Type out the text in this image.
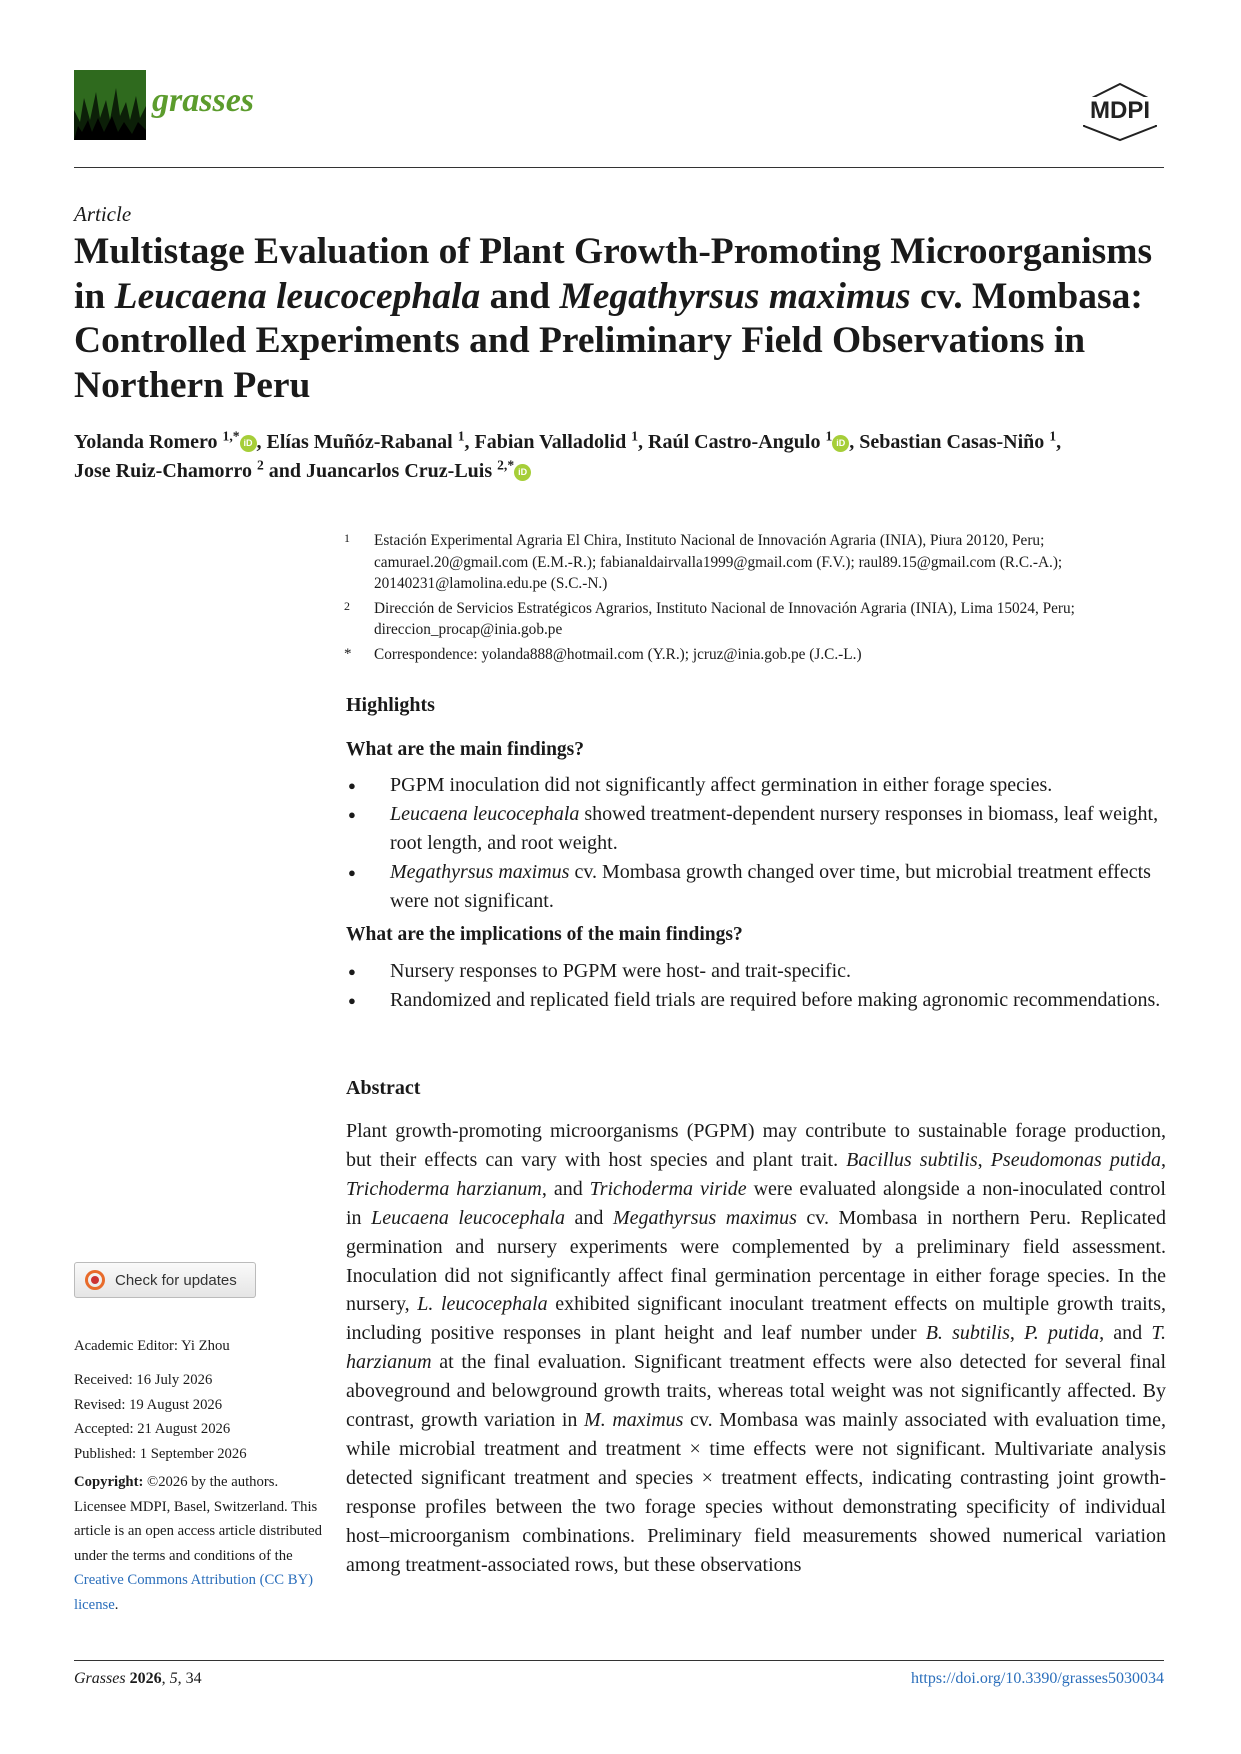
grasses	MDPI
Article
Multistage Evaluation of Plant Growth-Promoting Microorganisms in Leucaena leucocephala and Megathyrsus maximus cv. Mombasa: Controlled Experiments and Preliminary Field Observations in Northern Peru
Yolanda Romero $^{1,*}$ iD , Elías Muñóz-Rabanal $^1$, Fabian Valladolid $^1$, Raúl Castro-Angulo $^1$ iD , Sebastian Casas-Niño $^1$,
Jose Ruiz-Chamorro $^2$ and Juancarlos Cruz-Luis $^{2,*}$ iD
1 Estación Experimental Agraria El Chira, Instituto Nacional de Innovación Agraria (INIA), Piura 20120, Peru; camurael.20@gmail.com (E.M.-R.); fabianaldairvalla1999@gmail.com (F.V.); raul89.15@gmail.com (R.C.-A.); 20140231@lamolina.edu.pe (S.C.-N.)
2 Dirección de Servicios Estratégicos Agrarios, Instituto Nacional de Innovación Agraria (INIA), Lima 15024, Peru; direccion_procap@inia.gob.pe
* Correspondence: yolanda888@hotmail.com (Y.R.); jcruz@inia.gob.pe (J.C.-L.)
Highlights
What are the main findings?
● PGPM inoculation did not significantly affect germination in either forage species.
● Leucaena leucocephala showed treatment-dependent nursery responses in biomass, leaf weight, root length, and root weight.
● Megathyrsus maximus cv. Mombasa growth changed over time, but microbial treatment effects were not significant.
What are the implications of the main findings?
● Nursery responses to PGPM were host- and trait-specific.
● Randomized and replicated field trials are required before making agronomic recommendations.
Abstract
Plant growth-promoting microorganisms (PGPM) may contribute to sustainable forage production, but their effects can vary with host species and plant trait. Bacillus subtilis, Pseudomonas putida, Trichoderma harzianum, and Trichoderma viride were evaluated alongside a non-inoculated control in Leucaena leucocephala and Megathyrsus maximus cv. Mombasa in northern Peru. Replicated germination and nursery experiments were complemented by a preliminary field assessment. Inoculation did not significantly affect final germination percentage in either forage species. In the nursery, L. leucocephala exhibited significant inoculant treatment effects on multiple growth traits, including positive responses in plant height and leaf number under B. subtilis, P. putida, and T. harzianum at the final evaluation. Significant treatment effects were also detected for several final aboveground and belowground growth traits, whereas total weight was not significantly affected. By contrast, growth variation in M. maximus cv. Mombasa was mainly associated with evaluation time, while microbial treatment and treatment × time effects were not significant. Multivariate analysis detected significant treatment and species × treatment effects, indicating contrasting joint growth-response profiles between the two forage species without demonstrating specificity of individual host–microorganism combinations. Preliminary field measurements showed numerical variation among treatment-associated rows, but these observations
Check for updates
Academic Editor: Yi Zhou
Received: 16 July 2026
Revised: 19 August 2026
Accepted: 21 August 2026
Published: 1 September 2026
Copyright: ©2026 by the authors. Licensee MDPI, Basel, Switzerland. This article is an open access article distributed under the terms and conditions of the Creative Commons Attribution (CC BY) license.
Grasses 2026, 5, 34	https://doi.org/10.3390/grasses5030034
